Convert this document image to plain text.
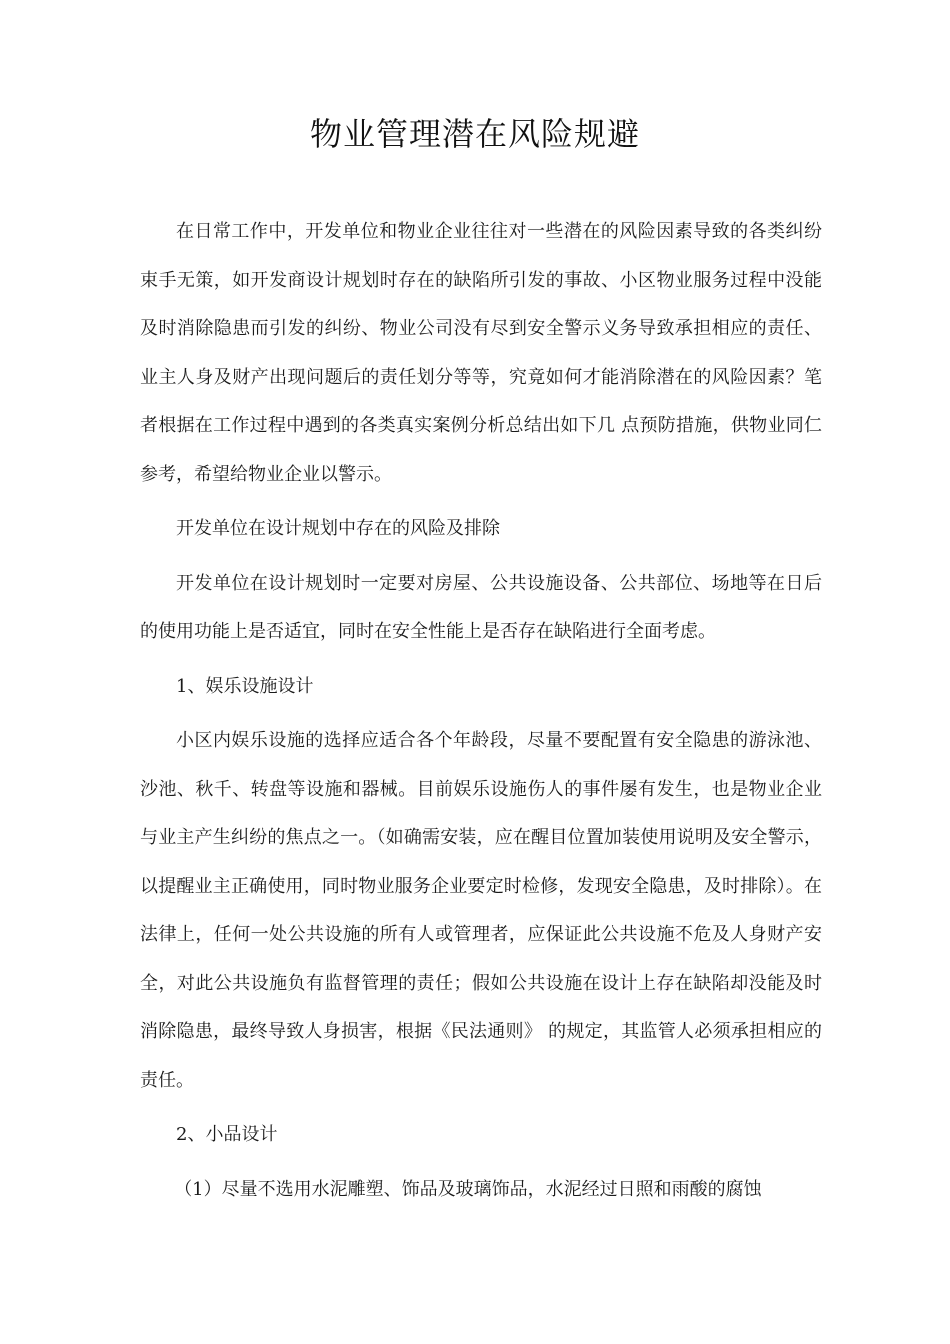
物业管理潜在风险规避

在日常工作中，开发单位和物业企业往往对一些潜在的风险因素导致的各类纠纷束手无策，如开发商设计规划时存在的缺陷所引发的事故、小区物业服务过程中没能及时消除隐患而引发的纠纷、物业公司没有尽到安全警示义务导致承担相应的责任、业主人身及财产出现问题后的责任划分等等，究竟如何才能消除潜在的风险因素？笔者根据在工作过程中遇到的各类真实案例分析总结出如下几 点预防措施，供物业同仁参考，希望给物业企业以警示。

开发单位在设计规划中存在的风险及排除

开发单位在设计规划时一定要对房屋、公共设施设备、公共部位、场地等在日后的使用功能上是否适宜，同时在安全性能上是否存在缺陷进行全面考虑。

1、娱乐设施设计

小区内娱乐设施的选择应适合各个年龄段，尽量不要配置有安全隐患的游泳池、沙池、秋千、转盘等设施和器械。目前娱乐设施伤人的事件屡有发生，也是物业企业与业主产生纠纷的焦点之一。（如确需安装，应在醒目位置加装使用说明及安全警示，以提醒业主正确使用，同时物业服务企业要定时检修，发现安全隐患，及时排除）。在法律上，任何一处公共设施的所有人或管理者，应保证此公共设施不危及人身财产安全，对此公共设施负有监督管理的责任；假如公共设施在设计上存在缺陷却没能及时消除隐患，最终导致人身损害，根据《民法通则》 的规定，其监管人必须承担相应的责任。

2、小品设计

（1）尽量不选用水泥雕塑、饰品及玻璃饰品，水泥经过日照和雨酸的腐蚀
